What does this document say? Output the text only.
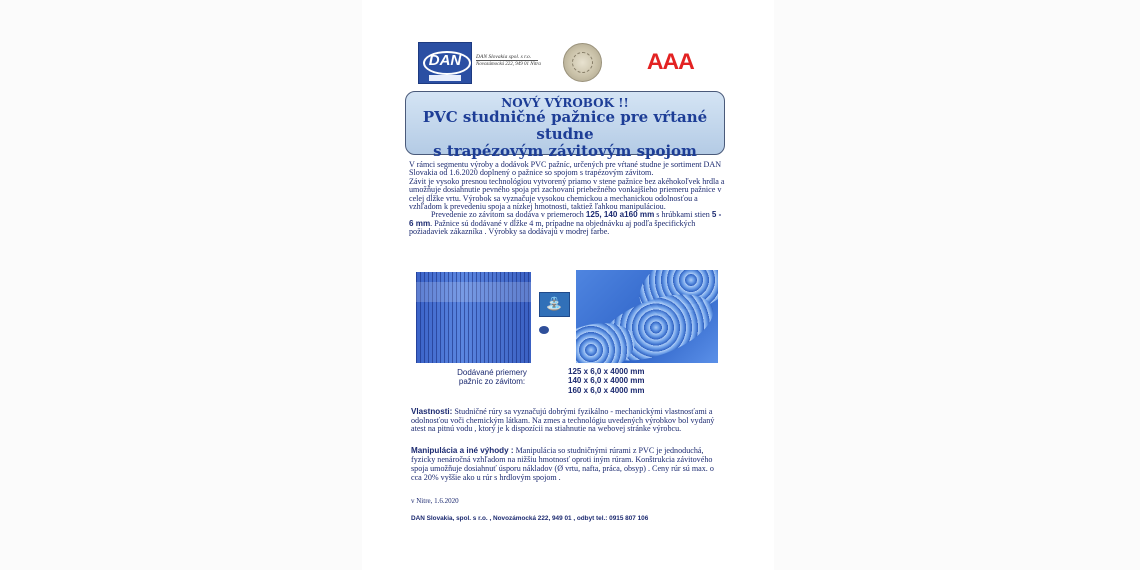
DAN	DAN Slovakia spol. s r.o.
Novozámocká 222, 949 01 Nitra	AAA
NOVÝ VÝROBOK !!
PVC studničné pažnice pre vŕtané studne
s trapézovým závitovým spojom
V rámci segmentu výroby a dodávok PVC pažníc, určených pre vŕtané studne je sortiment DAN Slovakia od 1.6.2020 doplnený o pažnice so spojom s trapézovým závitom.
Závit je vysoko presnou technológiou vytvorený priamo v stene pažnice bez akéhokoľvek hrdla a umožňuje dosiahnutie pevného spoja pri zachovaní priebežného vonkajšieho priemeru pažnice v celej dĺžke vrtu. Výrobok sa vyznačuje vysokou chemickou a mechanickou odolnosťou a vzhľadom k prevedeniu spoja a nízkej hmotnosti, taktiež ľahkou manipuláciou.
Prevedenie zo závitom sa dodáva v priemeroch 125, 140 a160 mm s hrúbkami stien 5 - 6 mm. Pažnice sú dodávané v dĺžke 4 m, prípadne na objednávku aj podľa špecifických požiadaviek zákazníka . Výrobky sa dodávajú v modrej farbe.
⛲
Dodávané priemery
pažníc zo závitom:
125 x 6,0 x 4000 mm
140 x 6,0 x 4000 mm
160 x 6,0 x 4000 mm
Vlastnosti: Studničné rúry sa vyznačujú dobrými fyzikálno - mechanickými vlastnosťami a odolnosťou voči chemickým látkam. Na zmes a technológiu uvedených výrobkov bol vydaný atest na pitnú vodu , ktorý je k dispozícii na stiahnutie na webovej stránke výrobcu.
Manipulácia a iné výhody : Manipulácia so studničnými rúrami z PVC je jednoduchá, fyzicky nenáročná vzhľadom na nižšiu hmotnosť oproti iným rúram. Konštrukcia závitového spoja umožňuje dosiahnuť úsporu nákladov (Ø vrtu, nafta, práca, obsyp) . Ceny rúr sú max. o cca 20% vyššie ako u rúr s hrdlovým spojom .
v Nitre, 1.6.2020
DAN Slovakia, spol. s r.o. , Novozámocká 222, 949 01 , odbyt tel.: 0915 807 106
